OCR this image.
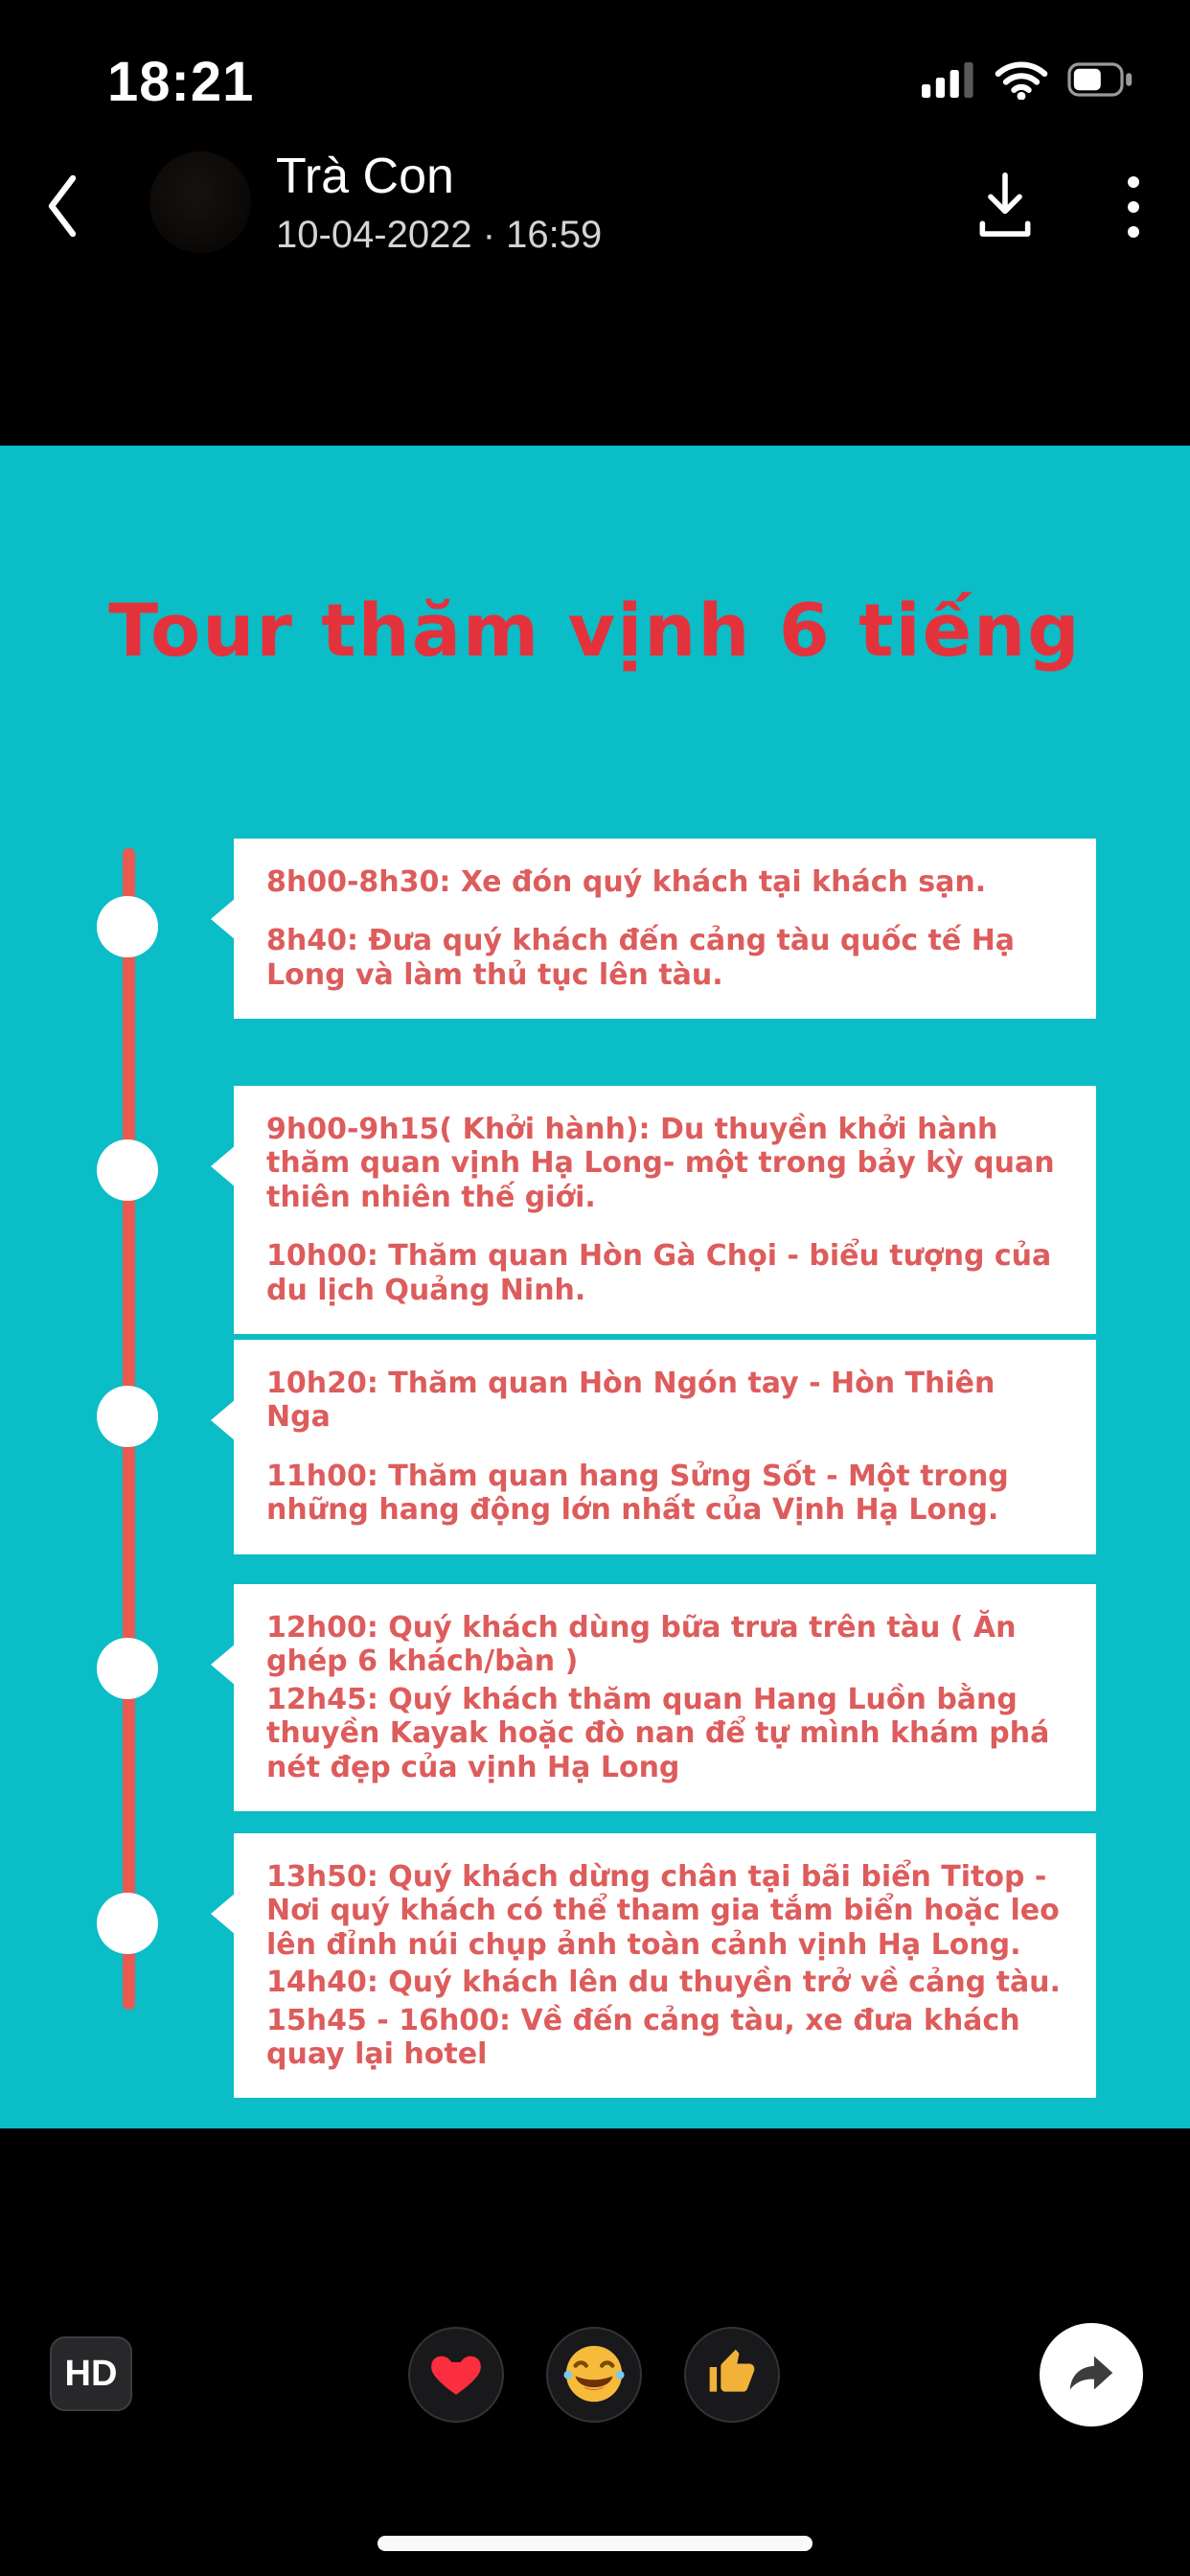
18:21
Trà Con
10-04-2022 · 16:59
Tour thăm vịnh 6 tiếng

8h00-8h30: Xe đón quý khách tại khách sạn.

8h40: Đưa quý khách đến cảng tàu quốc tế Hạ Long và làm thủ tục lên tàu.

9h00-9h15( Khởi hành): Du thuyền khởi hành thăm quan vịnh Hạ Long- một trong bảy kỳ quan thiên nhiên thế giới.

10h00: Thăm quan Hòn Gà Chọi - biểu tượng của du lịch Quảng Ninh.

10h20: Thăm quan Hòn Ngón tay - Hòn Thiên Nga

11h00: Thăm quan hang Sửng Sốt - Một trong những hang động lớn nhất của Vịnh Hạ Long.

12h00: Quý khách dùng bữa trưa trên tàu ( Ăn ghép 6 khách/bàn )

12h45: Quý khách thăm quan Hang Luồn bằng thuyền Kayak hoặc đò nan để tự mình khám phá nét đẹp của vịnh Hạ Long

13h50: Quý khách dừng chân tại bãi biển Titop - Nơi quý khách có thể tham gia tắm biển hoặc leo lên đỉnh núi chụp ảnh toàn cảnh vịnh Hạ Long.

14h40: Quý khách lên du thuyền trở về cảng tàu.

15h45 - 16h00: Về đến cảng tàu, xe đưa khách quay lại hotel

HD
